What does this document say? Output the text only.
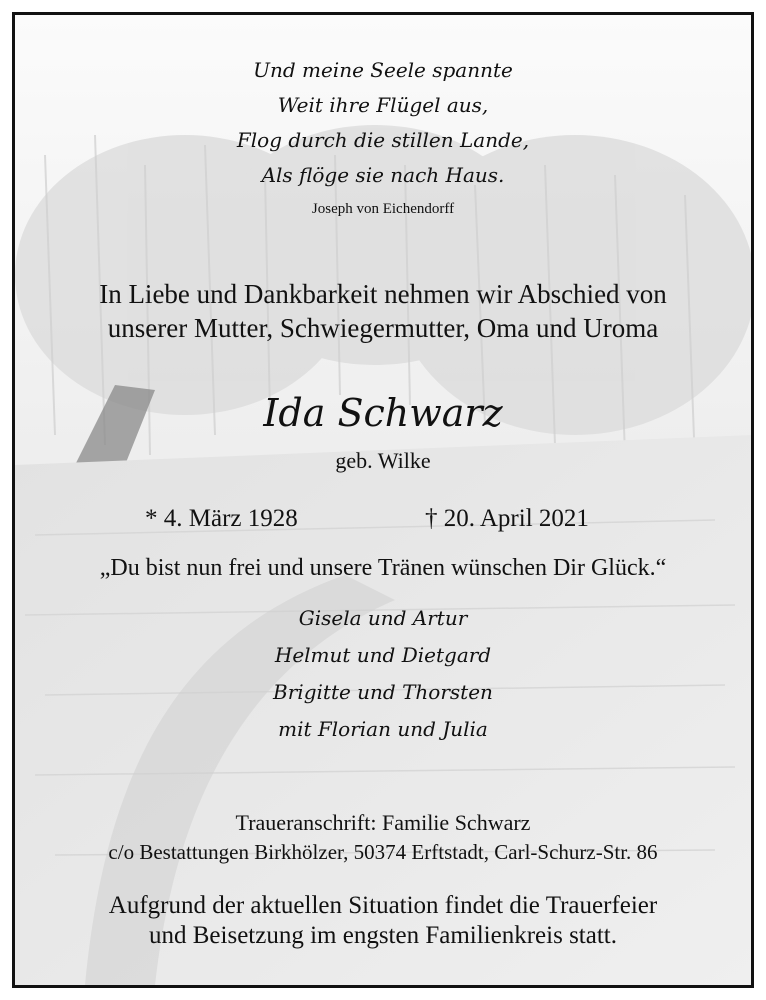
Und meine Seele spannte
Weit ihre Flügel aus,
Flog durch die stillen Lande,
Als flöge sie nach Haus.
Joseph von Eichendorff
In Liebe und Dankbarkeit nehmen wir Abschied von
unserer Mutter, Schwiegermutter, Oma und Uroma
Ida Schwarz
geb. Wilke
* 4. März 1928	† 20. April 2021
„Du bist nun frei und unsere Tränen wünschen Dir Glück.“
Gisela und Artur
Helmut und Dietgard
Brigitte und Thorsten
mit Florian und Julia
Traueranschrift: Familie Schwarz
c/o Bestattungen Birkhölzer, 50374 Erftstadt, Carl-Schurz-Str. 86
Aufgrund der aktuellen Situation findet die Trauerfeier
und Beisetzung im engsten Familienkreis statt.
